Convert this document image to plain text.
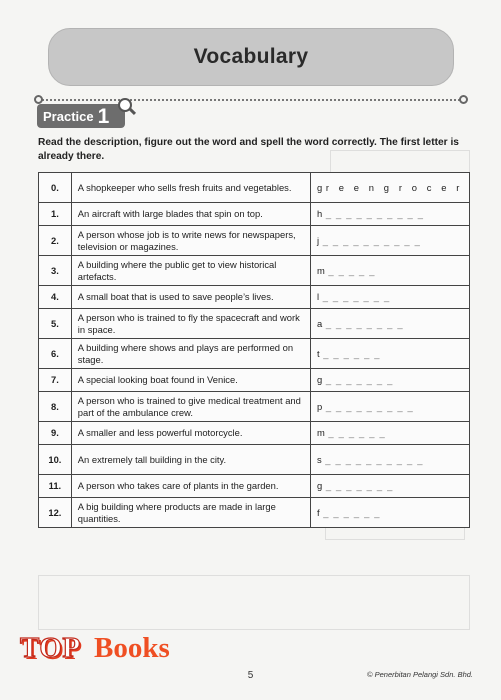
Vocabulary
Practice 1
Read the description, figure out the word and spell the word correctly. The first letter is already there.
0.	A shopkeeper who sells fresh fruits and vegetables.	g r e e n g r o c e r
1.	An aircraft with large blades that spin on top.	h _ _ _ _ _ _ _ _ _ _
2.	A person whose job is to write news for newspapers, television or magazines.	j _ _ _ _ _ _ _ _ _ _
3.	A building where the public get to view historical artefacts.	m _ _ _ _ _
4.	A small boat that is used to save people’s lives.	l _ _ _ _ _ _ _
5.	A person who is trained to fly the spacecraft and work in space.	a _ _ _ _ _ _ _ _
6.	A building where shows and plays are performed on stage.	t _ _ _ _ _ _
7.	A special looking boat found in Venice.	g _ _ _ _ _ _ _
8.	A person who is trained to give medical treatment and part of the ambulance crew.	p _ _ _ _ _ _ _ _ _
9.	A smaller and less powerful motorcycle.	m _ _ _ _ _ _
10.	An extremely tall building in the city.	s _ _ _ _ _ _ _ _ _ _
11.	A person who takes care of plants in the garden.	g _ _ _ _ _ _ _
12.	A big building where products are made in large quantities.	f _ _ _ _ _ _
TOP Books
5	© Penerbitan Pelangi Sdn. Bhd.
